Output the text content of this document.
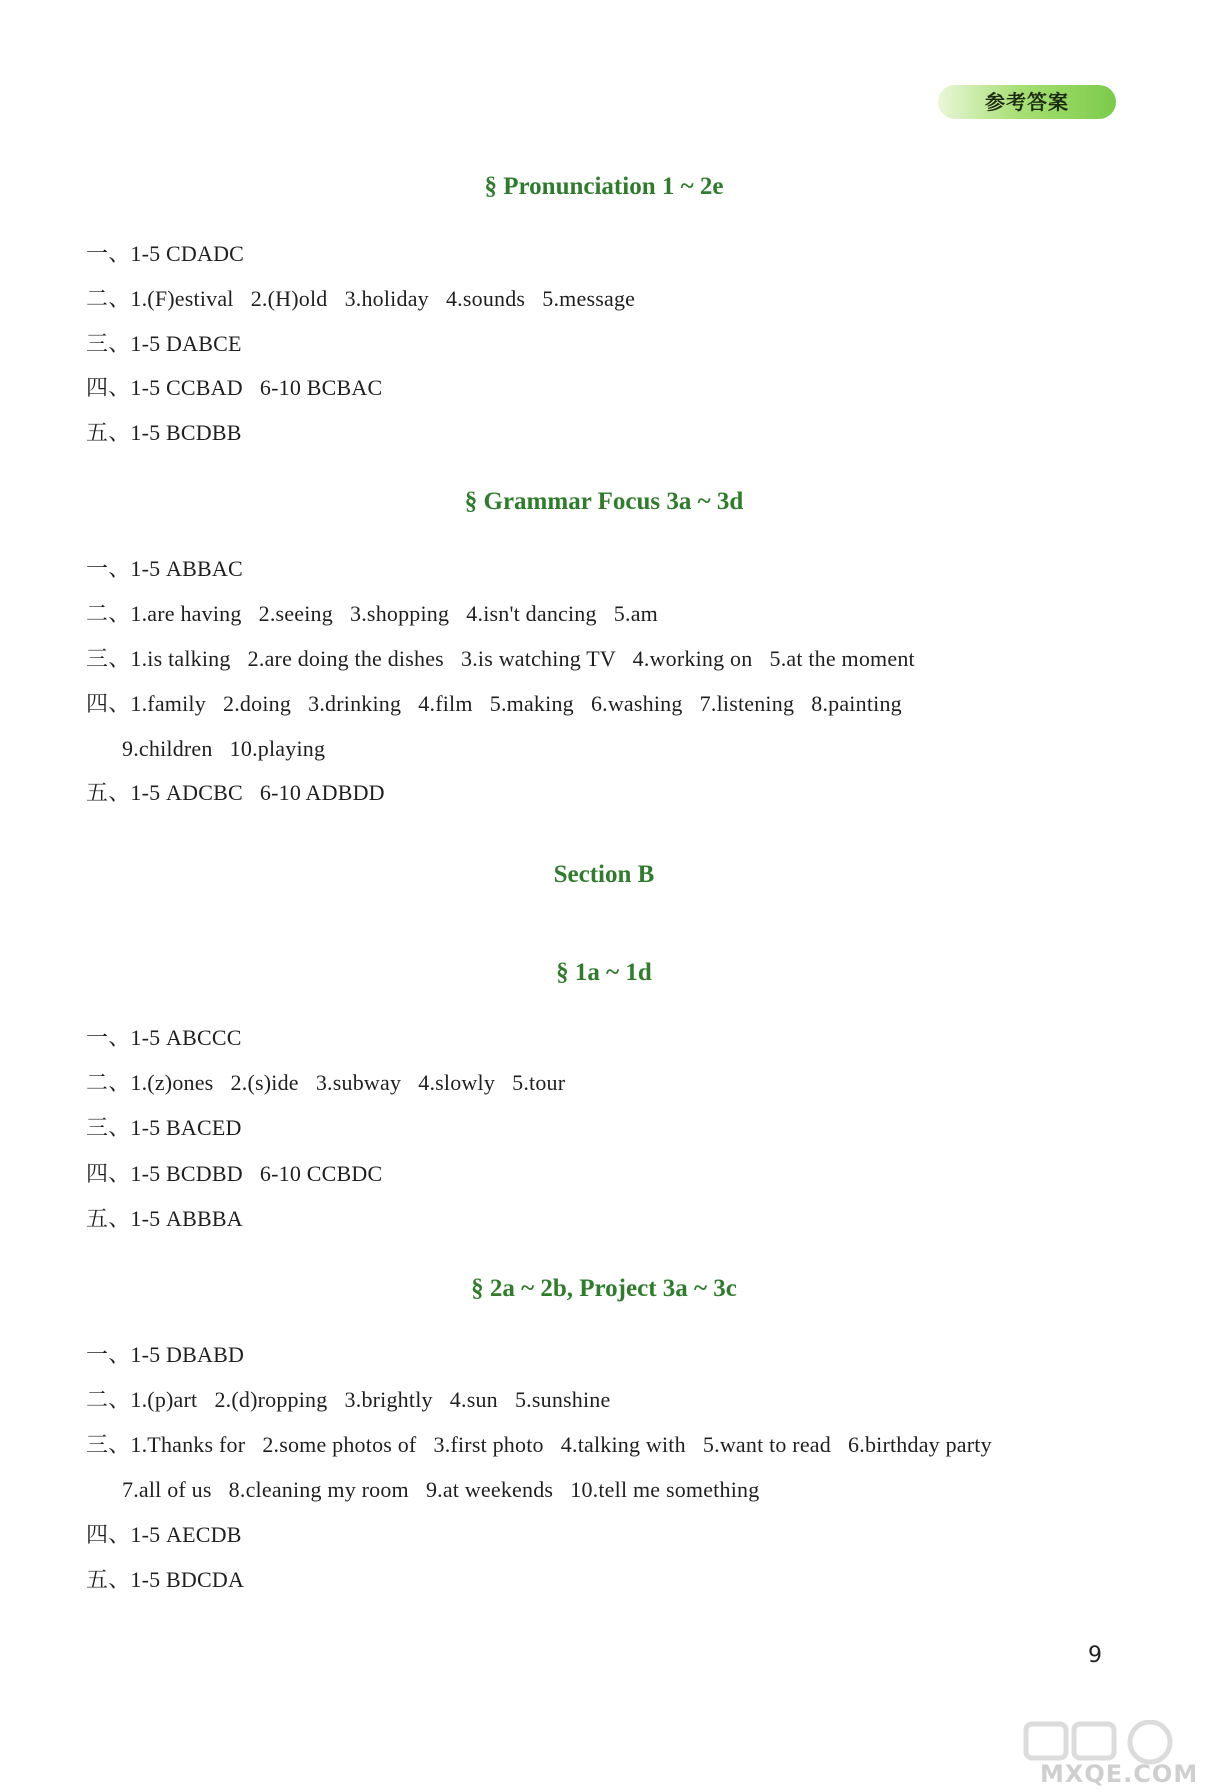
参考答案
§ Pronunciation 1 ~ 2e
一、1-5 CDADC
二、1.(F)estival   2.(H)old   3.holiday   4.sounds   5.message
三、1-5 DABCE
四、1-5 CCBAD   6-10 BCBAC
五、1-5 BCDBB
§ Grammar Focus 3a ~ 3d
一、1-5 ABBAC
二、1.are having   2.seeing   3.shopping   4.isn't dancing   5.am
三、1.is talking   2.are doing the dishes   3.is watching TV   4.working on   5.at the moment
四、1.family   2.doing   3.drinking   4.film   5.making   6.washing   7.listening   8.painting
9.children   10.playing
五、1-5 ADCBC   6-10 ADBDD
Section B
§ 1a ~ 1d
一、1-5 ABCCC
二、1.(z)ones   2.(s)ide   3.subway   4.slowly   5.tour
三、1-5 BACED
四、1-5 BCDBD   6-10 CCBDC
五、1-5 ABBBA
§ 2a ~ 2b, Project 3a ~ 3c
一、1-5 DBABD
二、1.(p)art   2.(d)ropping   3.brightly   4.sun   5.sunshine
三、1.Thanks for   2.some photos of   3.first photo   4.talking with   5.want to read   6.birthday party
7.all of us   8.cleaning my room   9.at weekends   10.tell me something
四、1-5 AECDB
五、1-5 BDCDA
9
MXQE.COM
